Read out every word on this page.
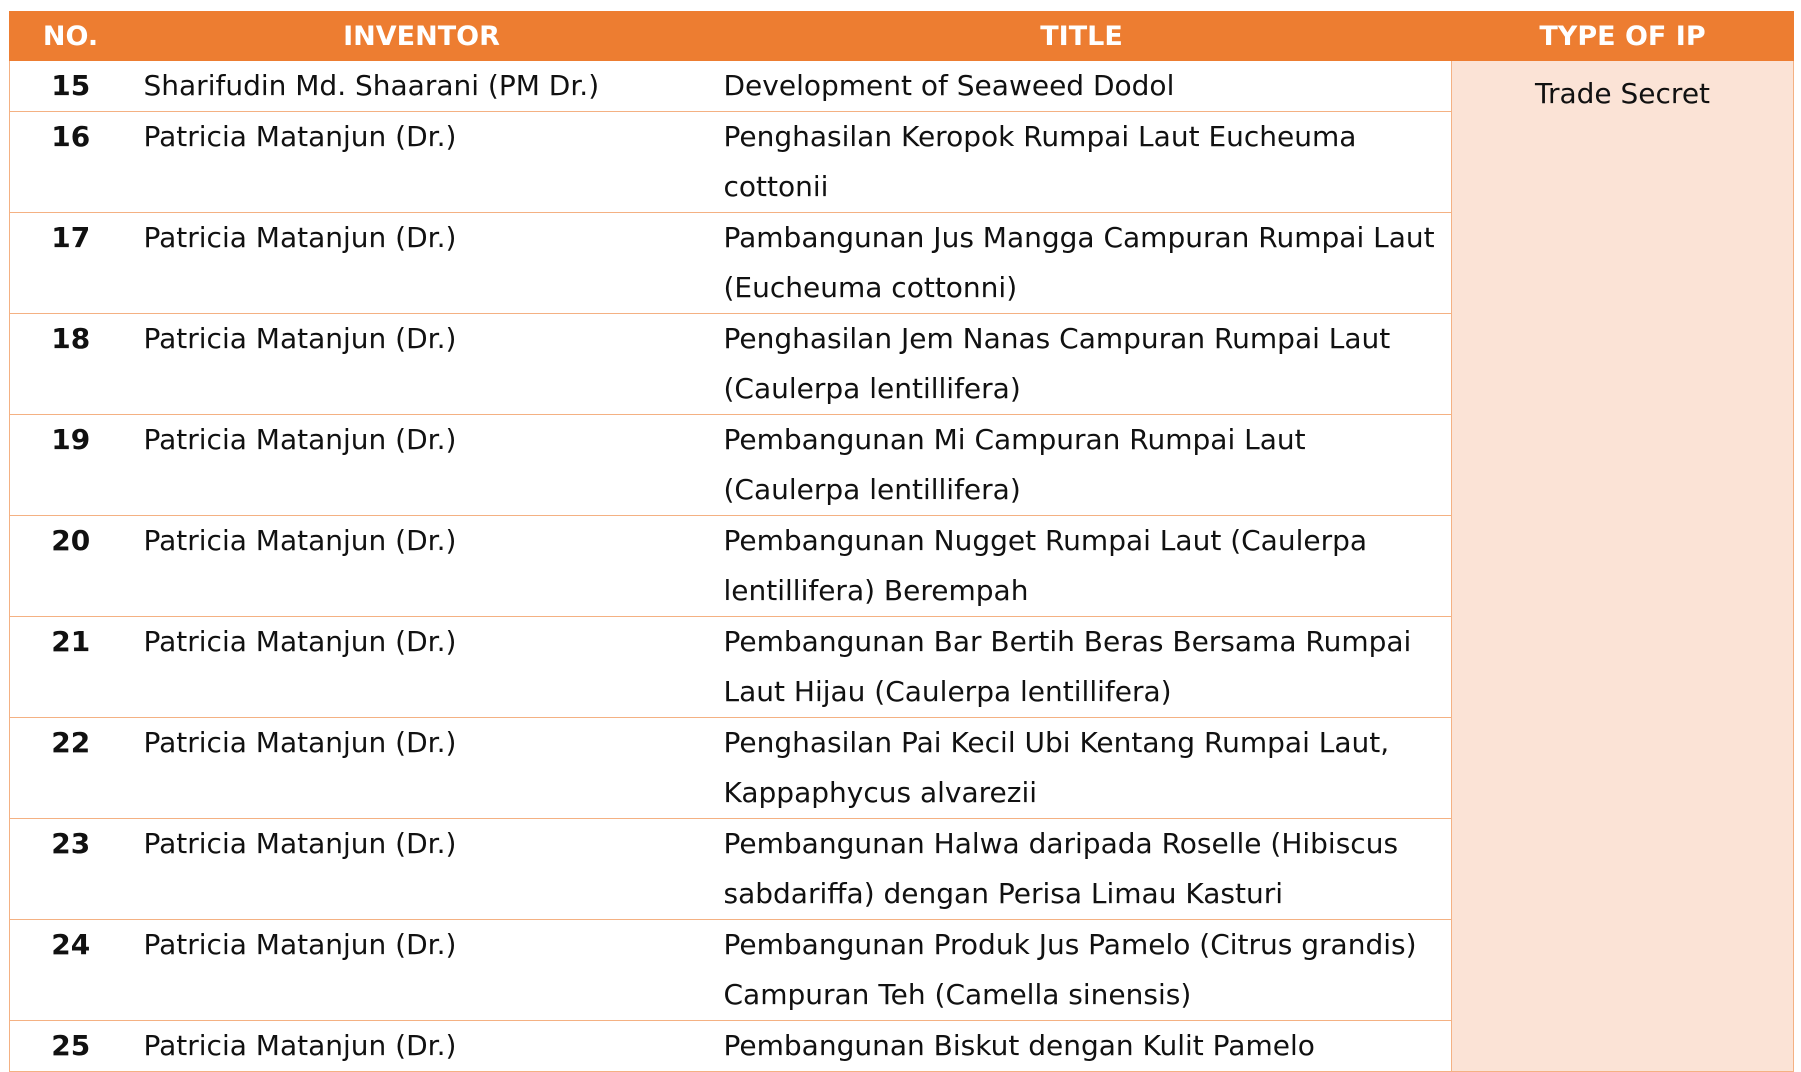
NO.	INVENTOR	TITLE	TYPE OF IP
15	Sharifudin Md. Shaarani (PM Dr.)	Development of Seaweed Dodol	Trade Secret
16	Patricia Matanjun (Dr.)	Penghasilan Keropok Rumpai Laut Eucheuma cottonii	
17	Patricia Matanjun (Dr.)	Pambangunan Jus Mangga Campuran Rumpai Laut (Eucheuma cottonni)	
18	Patricia Matanjun (Dr.)	Penghasilan Jem Nanas Campuran Rumpai Laut (Caulerpa lentillifera)	
19	Patricia Matanjun (Dr.)	Pembangunan Mi Campuran Rumpai Laut (Caulerpa lentillifera)	
20	Patricia Matanjun (Dr.)	Pembangunan Nugget Rumpai Laut (Caulerpa lentillifera) Berempah	
21	Patricia Matanjun (Dr.)	Pembangunan Bar Bertih Beras Bersama Rumpai Laut Hijau (Caulerpa lentillifera)	
22	Patricia Matanjun (Dr.)	Penghasilan Pai Kecil Ubi Kentang Rumpai Laut, Kappaphycus alvarezii	
23	Patricia Matanjun (Dr.)	Pembangunan Halwa daripada Roselle (Hibiscus sabdariffa) dengan Perisa Limau Kasturi	
24	Patricia Matanjun (Dr.)	Pembangunan Produk Jus Pamelo (Citrus grandis) Campuran Teh (Camella sinensis)	
25	Patricia Matanjun (Dr.)	Pembangunan Biskut dengan Kulit Pamelo	
